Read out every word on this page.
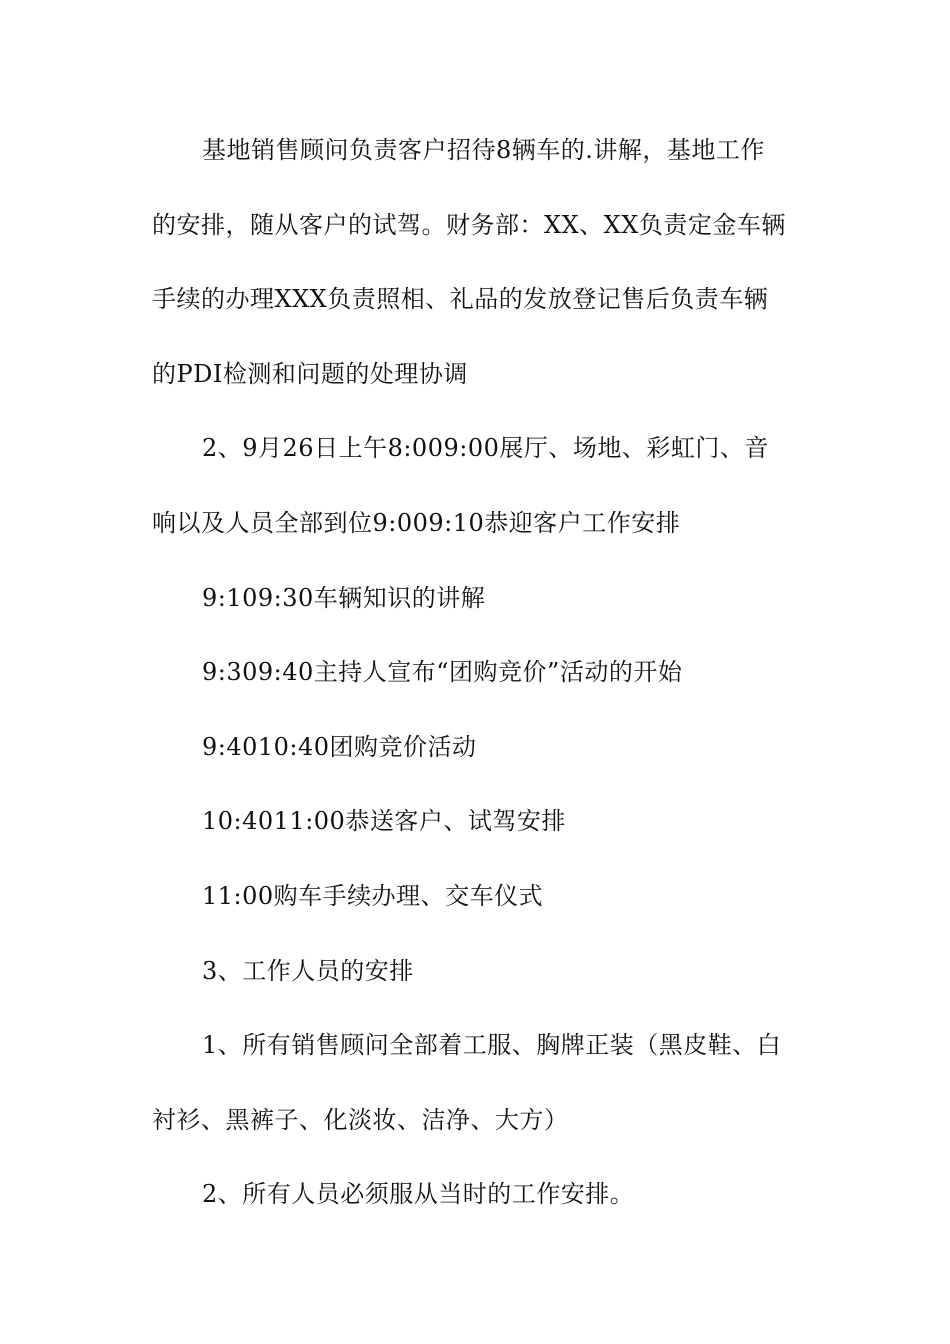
基地销售顾问负责客户招待8辆车的.讲解，基地工作
的安排，随从客户的试驾。财务部：XX、XX负责定金车辆
手续的办理XXX负责照相、礼品的发放登记售后负责车辆
的PDI检测和问题的处理协调
2、9月26日上午8:009:00展厅、场地、彩虹门、音
响以及人员全部到位9:009:10恭迎客户工作安排
9:109:30车辆知识的讲解
9:309:40主持人宣布“团购竞价”活动的开始
9:4010:40团购竞价活动
10:4011:00恭送客户、试驾安排
11:00购车手续办理、交车仪式
3、工作人员的安排
1、所有销售顾问全部着工服、胸牌正装（黑皮鞋、白
衬衫、黑裤子、化淡妆、洁净、大方）
2、所有人员必须服从当时的工作安排。
